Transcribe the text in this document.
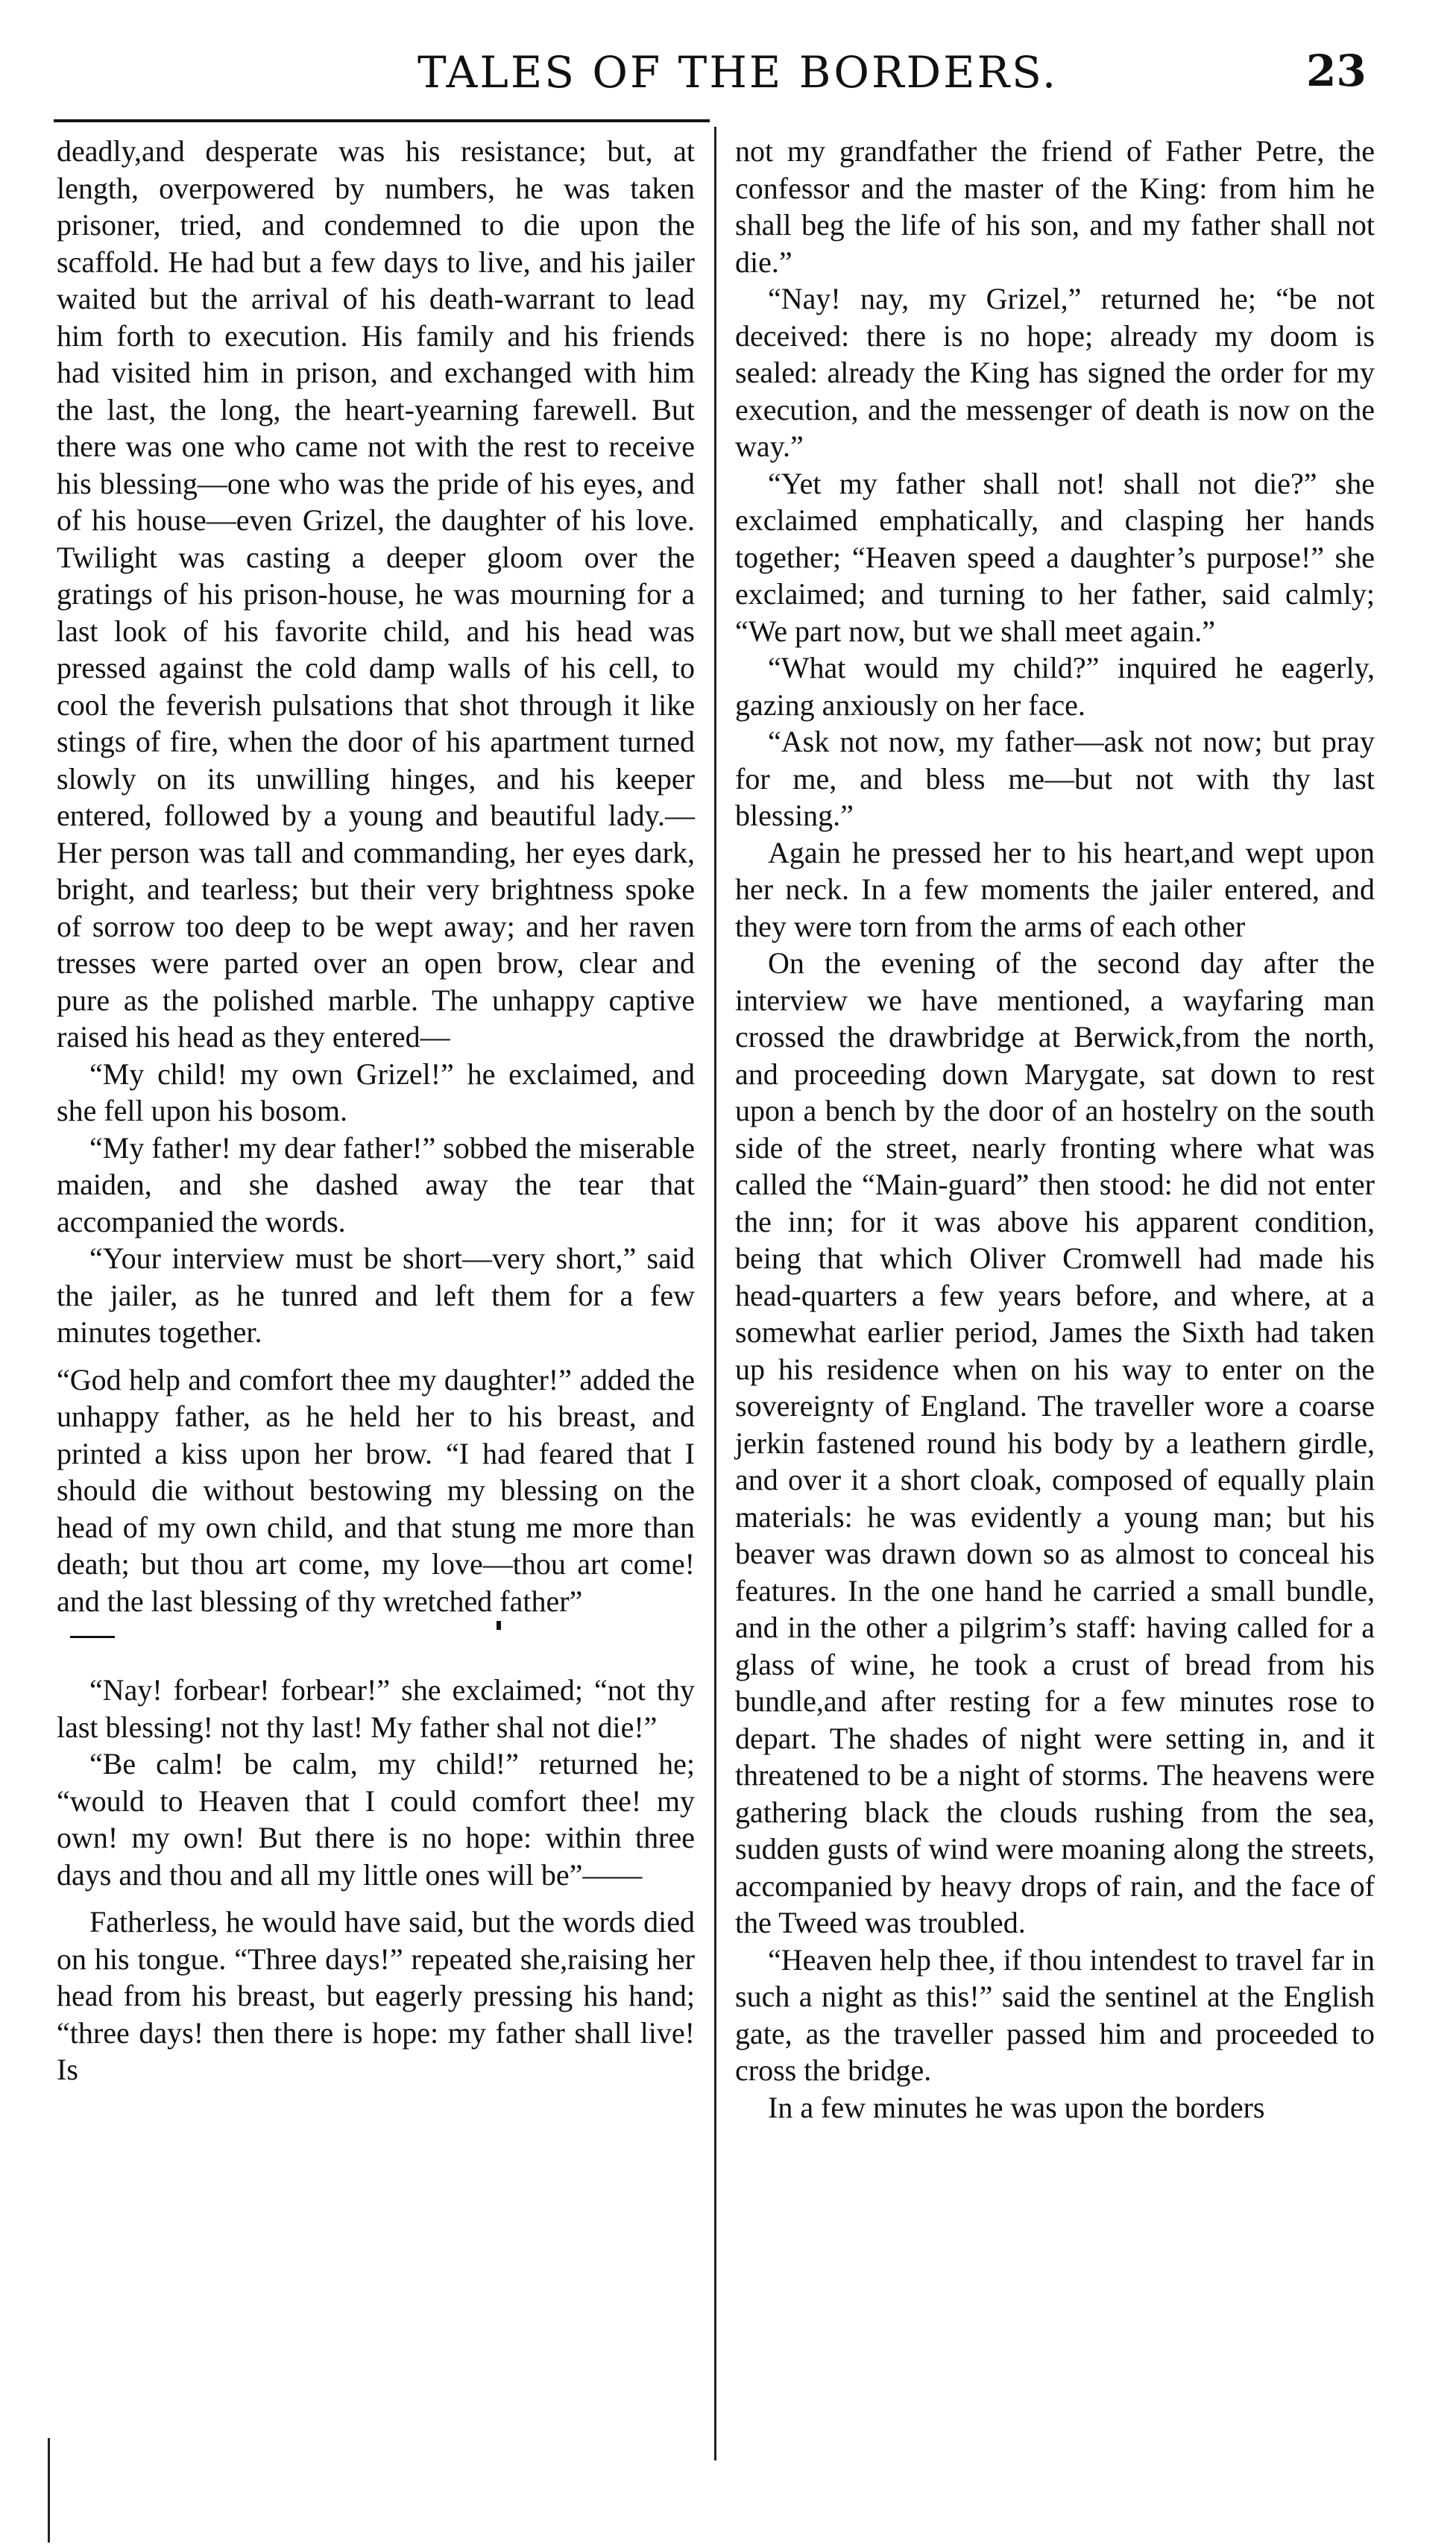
TALES OF THE BORDERS.	23

deadly,and desperate was his resistance; but, at length, overpowered by numbers, he was taken prisoner, tried, and condemned to die upon the scaffold. He had but a few days to live, and his jailer waited but the arrival of his death-warrant to lead him forth to execution. His family and his friends had visited him in prison, and exchanged with him the last, the long, the heart-yearning farewell. But there was one who came not with the rest to receive his blessing—one who was the pride of his eyes, and of his house—even Grizel, the daughter of his love. Twilight was casting a deeper gloom over the gratings of his prison-house, he was mourning for a last look of his favorite child, and his head was pressed against the cold damp walls of his cell, to cool the feverish pulsations that shot through it like stings of fire, when the door of his apartment turned slowly on its unwilling hinges, and his keeper entered, followed by a young and beautiful lady.—Her person was tall and commanding, her eyes dark, bright, and tearless; but their very brightness spoke of sorrow too deep to be wept away; and her raven tresses were parted over an open brow, clear and pure as the polished marble. The unhappy captive raised his head as they entered—

“My child! my own Grizel!” he exclaimed, and she fell upon his bosom.

“My father! my dear father!” sobbed the miserable maiden, and she dashed away the tear that accompanied the words.

“Your interview must be short—very short,” said the jailer, as he tunred and left them for a few minutes together.

“God help and comfort thee my daughter!” added the unhappy father, as he held her to his breast, and printed a kiss upon her brow. “I had feared that I should die without bestowing my blessing on the head of my own child, and that stung me more than death; but thou art come, my love—thou art come! and the last blessing of thy wretched father”

“Nay! forbear! forbear!” she exclaimed; “not thy last blessing! not thy last! My father shal not die!”

“Be calm! be calm, my child!” returned he; “would to Heaven that I could comfort thee! my own! my own! But there is no hope: within three days and thou and all my little ones will be”——

Fatherless, he would have said, but the words died on his tongue. “Three days!” repeated she,raising her head from his breast, but eagerly pressing his hand; “three days! then there is hope: my father shall live! Is

not my grandfather the friend of Father Petre, the confessor and the master of the King: from him he shall beg the life of his son, and my father shall not die.”

“Nay! nay, my Grizel,” returned he; “be not deceived: there is no hope; already my doom is sealed: already the King has signed the order for my execution, and the messenger of death is now on the way.”

“Yet my father shall not! shall not die?” she exclaimed emphatically, and clasping her hands together; “Heaven speed a daughter’s purpose!” she exclaimed; and turning to her father, said calmly; “We part now, but we shall meet again.”

“What would my child?” inquired he eagerly, gazing anxiously on her face.

“Ask not now, my father—ask not now; but pray for me, and bless me—but not with thy last blessing.”

Again he pressed her to his heart,and wept upon her neck. In a few moments the jailer entered, and they were torn from the arms of each other

On the evening of the second day after the interview we have mentioned, a wayfaring man crossed the drawbridge at Berwick,from the north, and proceeding down Marygate, sat down to rest upon a bench by the door of an hostelry on the south side of the street, nearly fronting where what was called the “Main-guard” then stood: he did not enter the inn; for it was above his apparent condition, being that which Oliver Cromwell had made his head-quarters a few years before, and where, at a somewhat earlier period, James the Sixth had taken up his residence when on his way to enter on the sovereignty of England. The traveller wore a coarse jerkin fastened round his body by a leathern girdle, and over it a short cloak, composed of equally plain materials: he was evidently a young man; but his beaver was drawn down so as almost to conceal his features. In the one hand he carried a small bundle, and in the other a pilgrim’s staff: having called for a glass of wine, he took a crust of bread from his bundle,and after resting for a few minutes rose to depart. The shades of night were setting in, and it threatened to be a night of storms. The heavens were gathering black the clouds rushing from the sea, sudden gusts of wind were moaning along the streets, accompanied by heavy drops of rain, and the face of the Tweed was troubled.

“Heaven help thee, if thou intendest to travel far in such a night as this!” said the sentinel at the English gate, as the traveller passed him and proceeded to cross the bridge.

In a few minutes he was upon the borders
